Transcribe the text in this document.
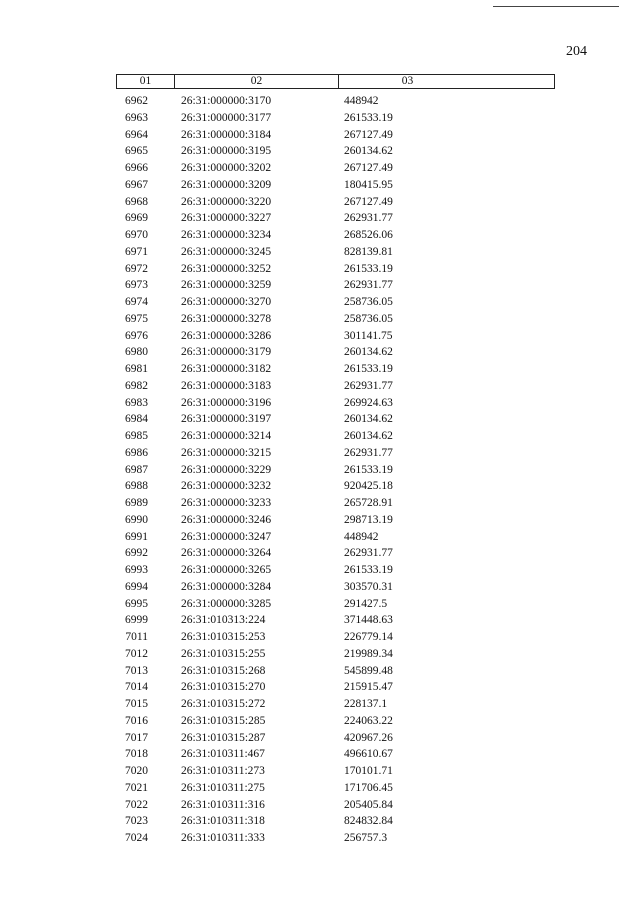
204
01	02	03
6962	26:31:000000:3170	448942
6963	26:31:000000:3177	261533.19
6964	26:31:000000:3184	267127.49
6965	26:31:000000:3195	260134.62
6966	26:31:000000:3202	267127.49
6967	26:31:000000:3209	180415.95
6968	26:31:000000:3220	267127.49
6969	26:31:000000:3227	262931.77
6970	26:31:000000:3234	268526.06
6971	26:31:000000:3245	828139.81
6972	26:31:000000:3252	261533.19
6973	26:31:000000:3259	262931.77
6974	26:31:000000:3270	258736.05
6975	26:31:000000:3278	258736.05
6976	26:31:000000:3286	301141.75
6980	26:31:000000:3179	260134.62
6981	26:31:000000:3182	261533.19
6982	26:31:000000:3183	262931.77
6983	26:31:000000:3196	269924.63
6984	26:31:000000:3197	260134.62
6985	26:31:000000:3214	260134.62
6986	26:31:000000:3215	262931.77
6987	26:31:000000:3229	261533.19
6988	26:31:000000:3232	920425.18
6989	26:31:000000:3233	265728.91
6990	26:31:000000:3246	298713.19
6991	26:31:000000:3247	448942
6992	26:31:000000:3264	262931.77
6993	26:31:000000:3265	261533.19
6994	26:31:000000:3284	303570.31
6995	26:31:000000:3285	291427.5
6999	26:31:010313:224	371448.63
7011	26:31:010315:253	226779.14
7012	26:31:010315:255	219989.34
7013	26:31:010315:268	545899.48
7014	26:31:010315:270	215915.47
7015	26:31:010315:272	228137.1
7016	26:31:010315:285	224063.22
7017	26:31:010315:287	420967.26
7018	26:31:010311:467	496610.67
7020	26:31:010311:273	170101.71
7021	26:31:010311:275	171706.45
7022	26:31:010311:316	205405.84
7023	26:31:010311:318	824832.84
7024	26:31:010311:333	256757.3
